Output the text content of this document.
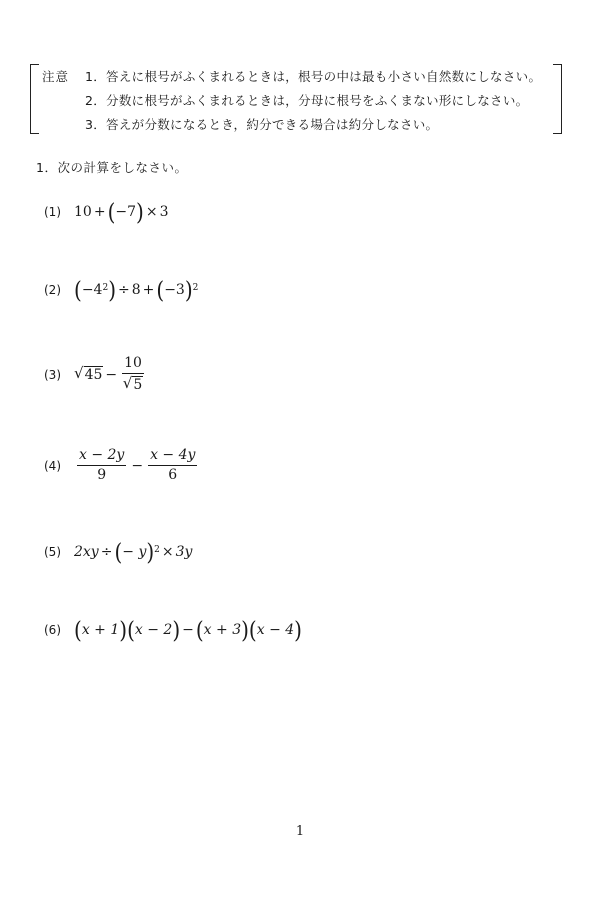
注意 1．答えに根号がふくまれるときは，根号の中は最も小さい自然数にしなさい。
2．分数に根号がふくまれるときは，分母に根号をふくまない形にしなさい。
3．答えが分数になるとき，約分できる場合は約分しなさい。
1．次の計算をしなさい。
(1) 10 + ( −7 ) × 3
(2) ( $-4^2$ ) ÷ 8 + ( −3 )$^2$
(3) √ $45 - \frac{10}{√ 5}$
(4)	$\frac{x - 2y}{9} - \frac{x - 4y}{6}$
(5) 2xy ÷ ( − y )$^2$ × 3y
(6) ( x + 1 ) ( x − 2 ) − ( x + 3 ) ( x − 4 )
1
